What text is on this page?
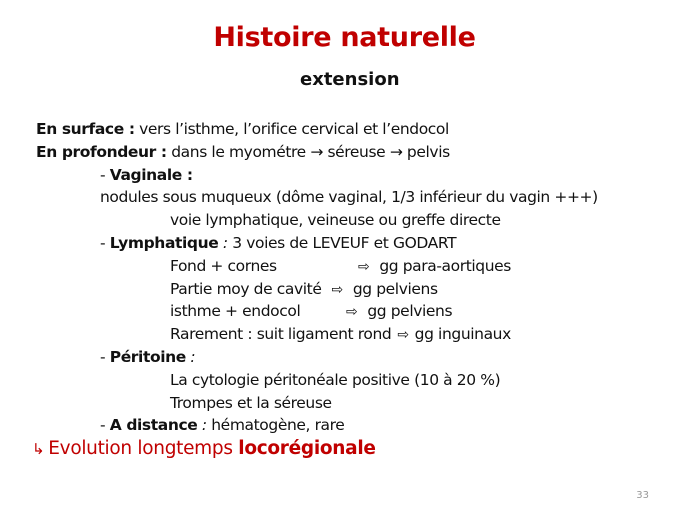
Histoire naturelle
extension
En surface : vers l’isthme, l’orifice cervical et l’endocol
En profondeur : dans le myométre → séreuse → pelvis
- Vaginale :
nodules sous muqueux (dôme vaginal, 1/3 inférieur du vagin +++)
voie lymphatique, veineuse ou greffe directe
- Lymphatique : 3 voies de LEVEUF et GODART
Fond + cornes	⇨ gg para-aortiques
Partie moy de cavité ⇨ gg pelviens
isthme + endocol	⇨ gg pelviens
Rarement : suit ligament rond ⇨ gg inguinaux
- Péritoine :
La cytologie péritonéale positive (10 à 20 %)
Trompes et la séreuse
- A distance : hématogène, rare
↳ Evolution longtemps locorégionale
33
